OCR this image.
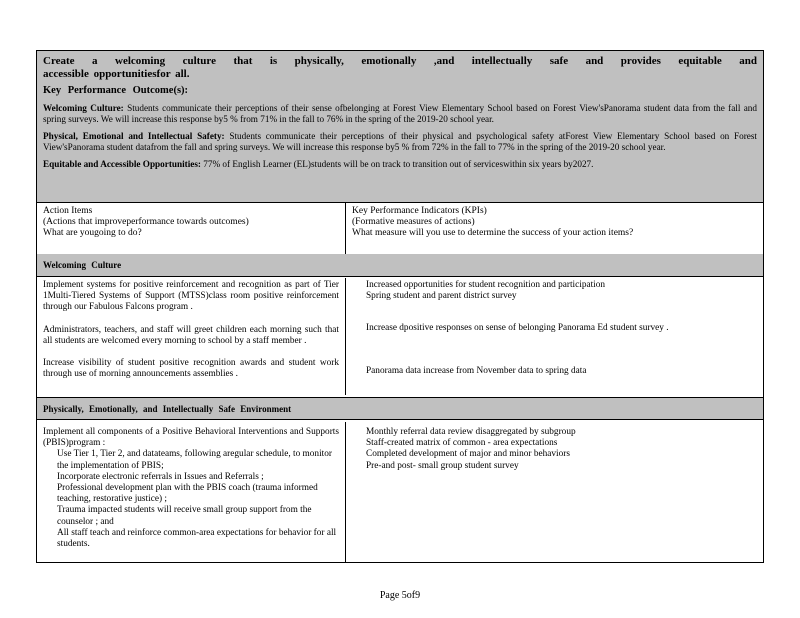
Create a welcoming culture that is physically, emotionally ,and intellectually safe and provides equitable and
accessible opportunitiesfor all.
Key Performance Outcome(s):
Welcoming Culture: Students communicate their perceptions of their sense ofbelonging at Forest View Elementary School based on Forest View'sPanorama student data from the fall and spring surveys. We will increase this response by5 % from 71% in the fall to 76% in the spring of the 2019-20 school year.
Physical, Emotional and Intellectual Safety: Students communicate their perceptions of their physical and psychological safety atForest View Elementary School based on Forest View'sPanorama student datafrom the fall and spring surveys. We will increase this response by5 % from 72% in the fall to 77% in the spring of the 2019-20 school year.
Equitable and Accessible Opportunities: 77% of English Learner (EL)students will be on track to transition out of serviceswithin six years by2027.
Action Items
(Actions that improveperformance towards outcomes)
What are yougoing to do?
Key Performance Indicators (KPIs)
(Formative measures of actions)
What measure will you use to determine the success of your action items?
Welcoming Culture
Implement systems for positive reinforcement and recognition as part of Tier 1Multi-Tiered Systems of Support (MTSS)class room positive reinforcement through our Fabulous Falcons program .
Administrators, teachers, and staff will greet children each morning such that all students are welcomed every morning to school by a staff member .
Increase visibility of student positive recognition awards and student work through use of morning announcements assemblies .
Increased opportunities for student recognition and participation
Spring student and parent district survey
Increase dpositive responses on sense of belonging Panorama Ed student survey .
Panorama data increase from November data to spring data
Physically, Emotionally, and Intellectually Safe Environment
Implement all components of a Positive Behavioral Interventions and Supports (PBIS)program :
Use Tier 1, Tier 2, and datateams, following aregular schedule, to monitor the implementation of PBIS;
Incorporate electronic referrals in Issues and Referrals ;
Professional development plan with the PBIS coach (trauma informed teaching, restorative justice) ;
Trauma impacted students will receive small group support from the counselor ; and
All staff teach and reinforce common-area expectations for behavior for all students.
Monthly referral data review disaggregated by subgroup
Staff-created matrix of common - area expectations
Completed development of major and minor behaviors
Pre-and post- small group student survey
Page 5of9
